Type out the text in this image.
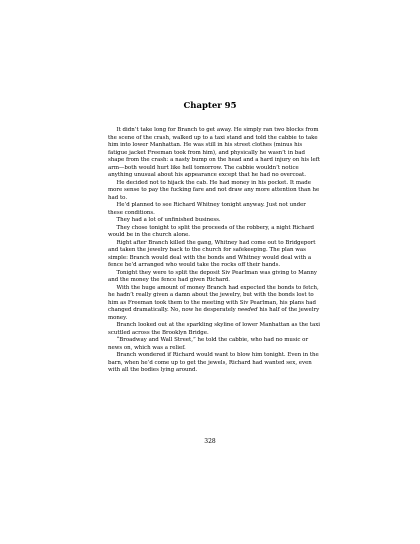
Chapter 95

It didn’t take long for Branch to get away. He simply ran two blocks from the scene of the crash, walked up to a taxi stand and told the cabbie to take him into lower Manhattan. He was still in his street clothes (minus his fatigue jacket Freeman took from him), and physically he wasn’t in bad shape from the crash: a nasty bump on the head and a hard injury on his left arm—both would hurt like hell tomorrow. The cabbie wouldn’t notice anything unusual about his appearance except that he had no overcoat.

He decided not to hijack the cab. He had money in his pocket. It made more sense to pay the fucking fare and not draw any more attention than he had to.

He’d planned to see Richard Whitney tonight anyway. Just not under these conditions.

They had a lot of unfinished business.

They chose tonight to split the proceeds of the robbery, a night Richard would be in the church alone.

Right after Branch killed the gang, Whitney had come out to Bridgeport and taken the jewelry back to the church for safekeeping. The plan was simple: Branch would deal with the bonds and Whitney would deal with a fence he’d arranged who would take the rocks off their hands.

Tonight they were to split the deposit Siv Pearlman was giving to Manny and the money the fence had given Richard.

With the huge amount of money Branch had expected the bonds to fetch, he hadn’t really given a damn about the jewelry, but with the bonds lost to him as Freeman took them to the meeting with Siv Pearlman, his plans had changed dramatically. No, now he desperately needed his half of the jewelry money.

Branch looked out at the sparkling skyline of lower Manhattan as the taxi scuttled across the Brooklyn Bridge.

“Broadway and Wall Street,” he told the cabbie, who had no music or news on, which was a relief.

Branch wondered if Richard would want to blow him tonight. Even in the barn, when he’d come up to get the jewels, Richard had wanted sex, even with all the bodies lying around.

328
